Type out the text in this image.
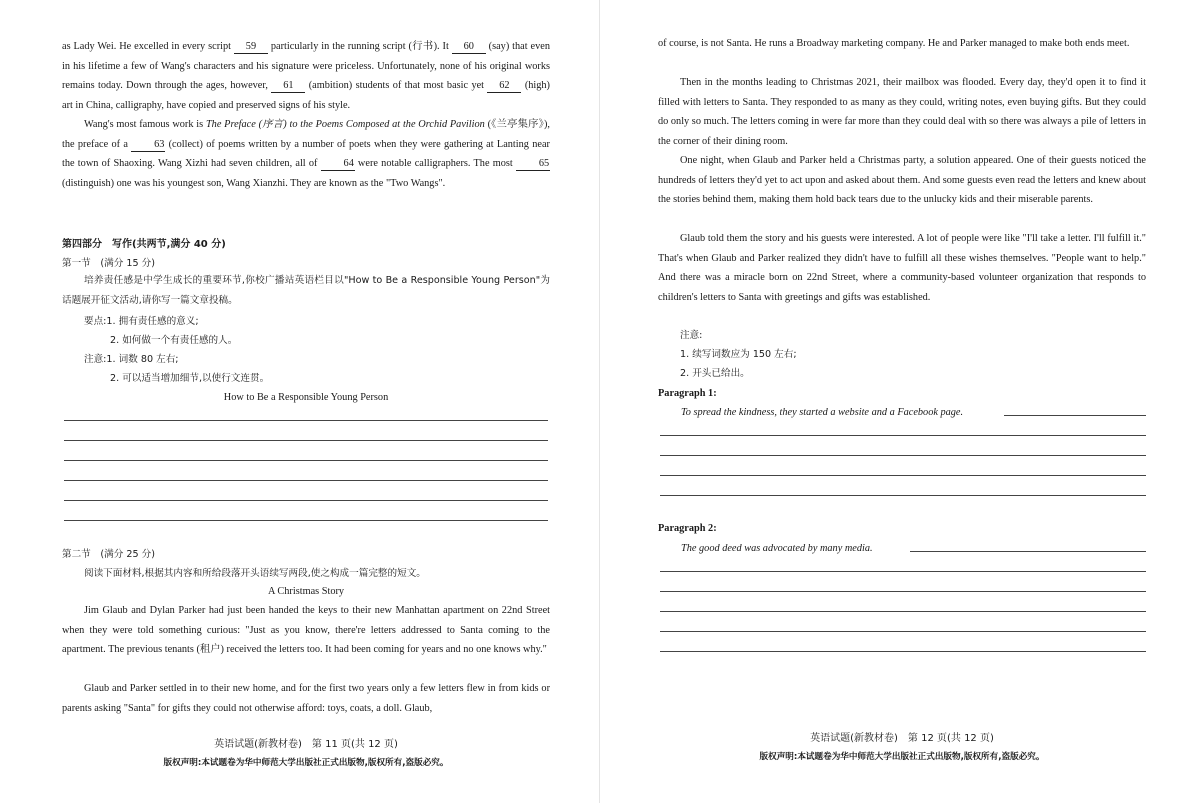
as Lady Wei. He excelled in every script 59 particularly in the running script (行书). It 60 (say) that even in his lifetime a few of Wang's characters and his signature were priceless. Unfortunately, none of his original works remains today. Down through the ages, however, 61 (ambition) students of that most basic yet 62 (high) art in China, calligraphy, have copied and preserved signs of his style.
Wang's most famous work is The Preface (序言) to the Poems Composed at the Orchid Pavilion (《兰亭集序》), the preface of a 63 (collect) of poems written by a number of poets when they were gathering at Lanting near the town of Shaoxing. Wang Xizhi had seven children, all of 64 were notable calligraphers. The most 65 (distinguish) one was his youngest son, Wang Xianzhi. They are known as the "Two Wangs".
第四部分　写作(共两节,满分 40 分)
第一节　(满分 15 分)
培养责任感是中学生成长的重要环节,你校广播站英语栏目以"How to Be a Responsible Young Person"为话题展开征文活动,请你写一篇文章投稿。
要点:1. 拥有责任感的意义;
2. 如何做一个有责任感的人。
注意:1. 词数 80 左右;
2. 可以适当增加细节,以使行文连贯。
How to Be a Responsible Young Person
第二节　(满分 25 分)
阅读下面材料,根据其内容和所给段落开头语续写两段,使之构成一篇完整的短文。
A Christmas Story
Jim Glaub and Dylan Parker had just been handed the keys to their new Manhattan apartment on 22nd Street when they were told something curious: "Just as you know, there're letters addressed to Santa coming to the apartment. The previous tenants (租户) received the letters too. It had been coming for years and no one knows why."
Glaub and Parker settled in to their new home, and for the first two years only a few letters flew in from kids or parents asking "Santa" for gifts they could not otherwise afford: toys, coats, a doll. Glaub,
英语试题(新教材卷)　第 11 页(共 12 页)
版权声明:本试题卷为华中师范大学出版社正式出版物,版权所有,盗版必究。
of course, is not Santa. He runs a Broadway marketing company. He and Parker managed to make both ends meet.
Then in the months leading to Christmas 2021, their mailbox was flooded. Every day, they'd open it to find it filled with letters to Santa. They responded to as many as they could, writing notes, even buying gifts. But they could do only so much. The letters coming in were far more than they could deal with so there was always a pile of letters in the corner of their dining room.
One night, when Glaub and Parker held a Christmas party, a solution appeared. One of their guests noticed the hundreds of letters they'd yet to act upon and asked about them. And some guests even read the letters and knew about the stories behind them, making them hold back tears due to the unlucky kids and their miserable parents.
Glaub told them the story and his guests were interested. A lot of people were like "I'll take a letter. I'll fulfill it." That's when Glaub and Parker realized they didn't have to fulfill all these wishes themselves. "People want to help." And there was a miracle born on 22nd Street, where a community-based volunteer organization that responds to children's letters to Santa with greetings and gifts was established.
注意:
1. 续写词数应为 150 左右;
2. 开头已给出。
Paragraph 1:
To spread the kindness, they started a website and a Facebook page.
Paragraph 2:
The good deed was advocated by many media.
英语试题(新教材卷)　第 12 页(共 12 页)
版权声明:本试题卷为华中师范大学出版社正式出版物,版权所有,盗版必究。
